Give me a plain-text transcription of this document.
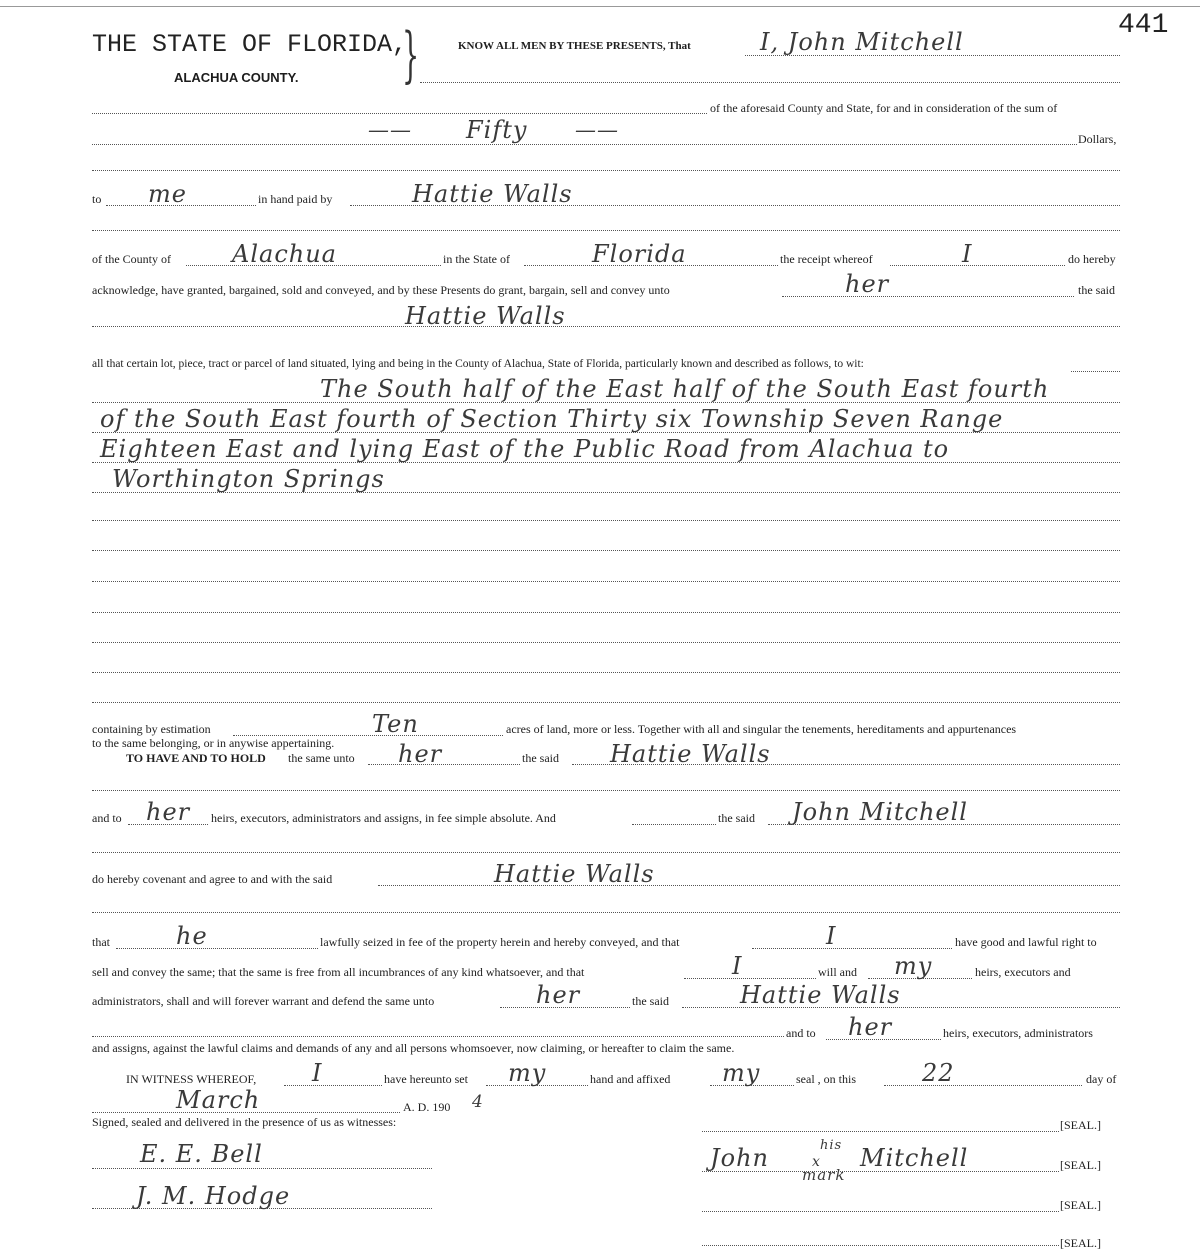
441
THE STATE OF FLORIDA,
}
ALACHUA COUNTY.
KNOW ALL MEN BY THESE PRESENTS, That	I, John Mitchell
of the aforesaid County and State, for and in consideration of the sum of
—— Fifty ——	Dollars,
to me	in hand paid by	Hattie Walls
of the County of	Alachua	in the State of	Florida	the receipt whereof	I	do hereby
acknowledge, have granted, bargained, sold and conveyed, and by these Presents do grant, bargain, sell and convey unto	her	the said
Hattie Walls
all that certain lot, piece, tract or parcel of land situated, lying and being in the County of Alachua, State of Florida, particularly known and described as follows, to wit:
The South half of the East half of the South East fourth
of the South East fourth of Section Thirty six Township Seven Range
Eighteen East and lying East of the Public Road from Alachua to
Worthington Springs
containing by estimation	Ten	acres of land, more or less. Together with all and singular the tenements, hereditaments and appurtenances
to the same belonging, or in anywise appertaining.
TO HAVE AND TO HOLD the same unto her	the said Hattie Walls
and to her heirs, executors, administrators and assigns, in fee simple absolute. And	the said John Mitchell
do hereby covenant and agree to and with the said	Hattie Walls
that	he	lawfully seized in fee of the property herein and hereby conveyed, and that	I	have good and lawful right to
sell and convey the same; that the same is free from all incumbrances of any kind whatsoever, and that	I	will and my	heirs, executors and
administrators, shall and will forever warrant and defend the same unto	her	the said	Hattie Walls
and to her	heirs, executors, administrators
and assigns, against the lawful claims and demands of any and all persons whomsoever, now claiming, or hereafter to claim the same.
IN WITNESS WHEREOF, I	have hereunto set my	hand and affixed my	seal , on this	22	day of
March	A. D. 190 4
Signed, sealed and delivered in the presence of us as witnesses:	[SEAL.]
[SEAL.]
[SEAL.]
[SEAL.]
E. E. Bell
J. M. Hodge
John	his
x
mark
Mitchell
